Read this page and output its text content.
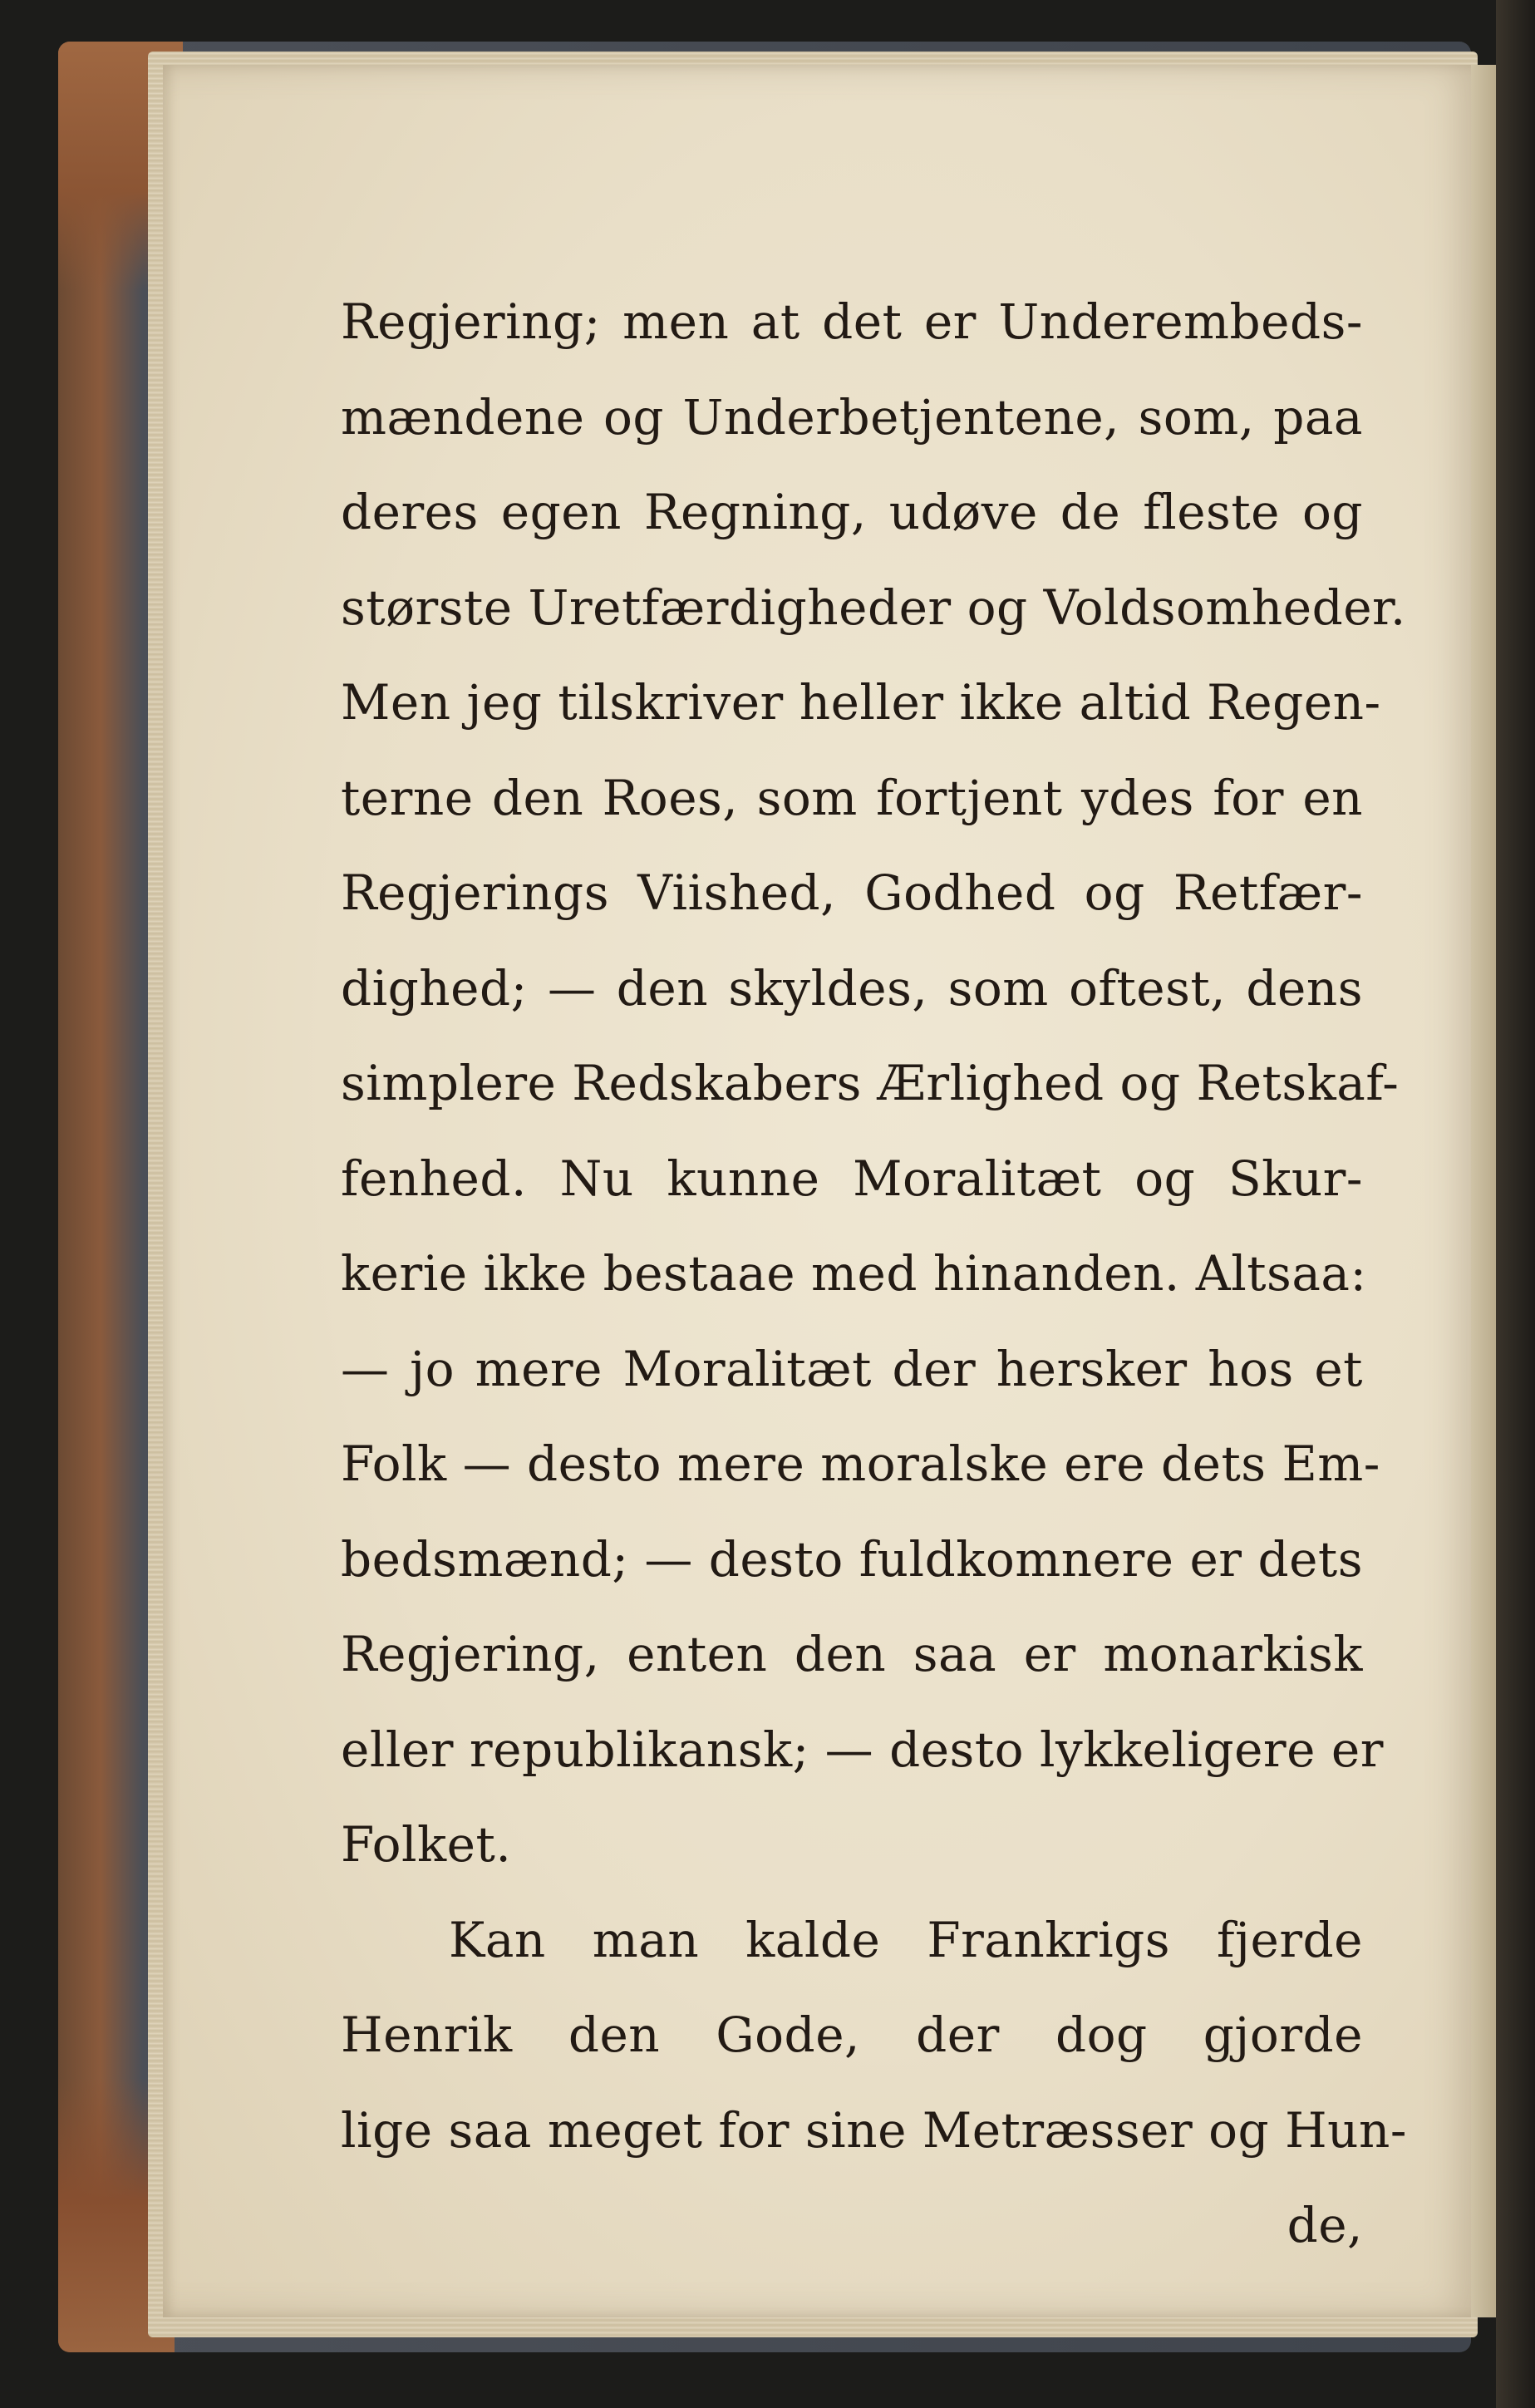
Regjering; men at det er Underembeds-
mændene og Underbetjentene, som, paa
deres egen Regning, udøve de fleste og
største Uretfærdigheder og Voldsomheder.
Men jeg tilskriver heller ikke altid Regen-
terne den Roes, som fortjent ydes for en
Regjerings Viished, Godhed og Retfær-
dighed; — den skyldes, som oftest, dens
simplere Redskabers Ærlighed og Retskaf-
fenhed. Nu kunne Moralitæt og Skur-
kerie ikke bestaae med hinanden. Altsaa:
— jo mere Moralitæt der hersker hos et
Folk — desto mere moralske ere dets Em-
bedsmænd; — desto fuldkomnere er dets
Regjering, enten den saa er monarkisk
eller republikansk; — desto lykkeligere er
Folket.
Kan man kalde Frankrigs fjerde
Henrik den Gode, der dog gjorde
lige saa meget for sine Metræsser og Hun-
de,
